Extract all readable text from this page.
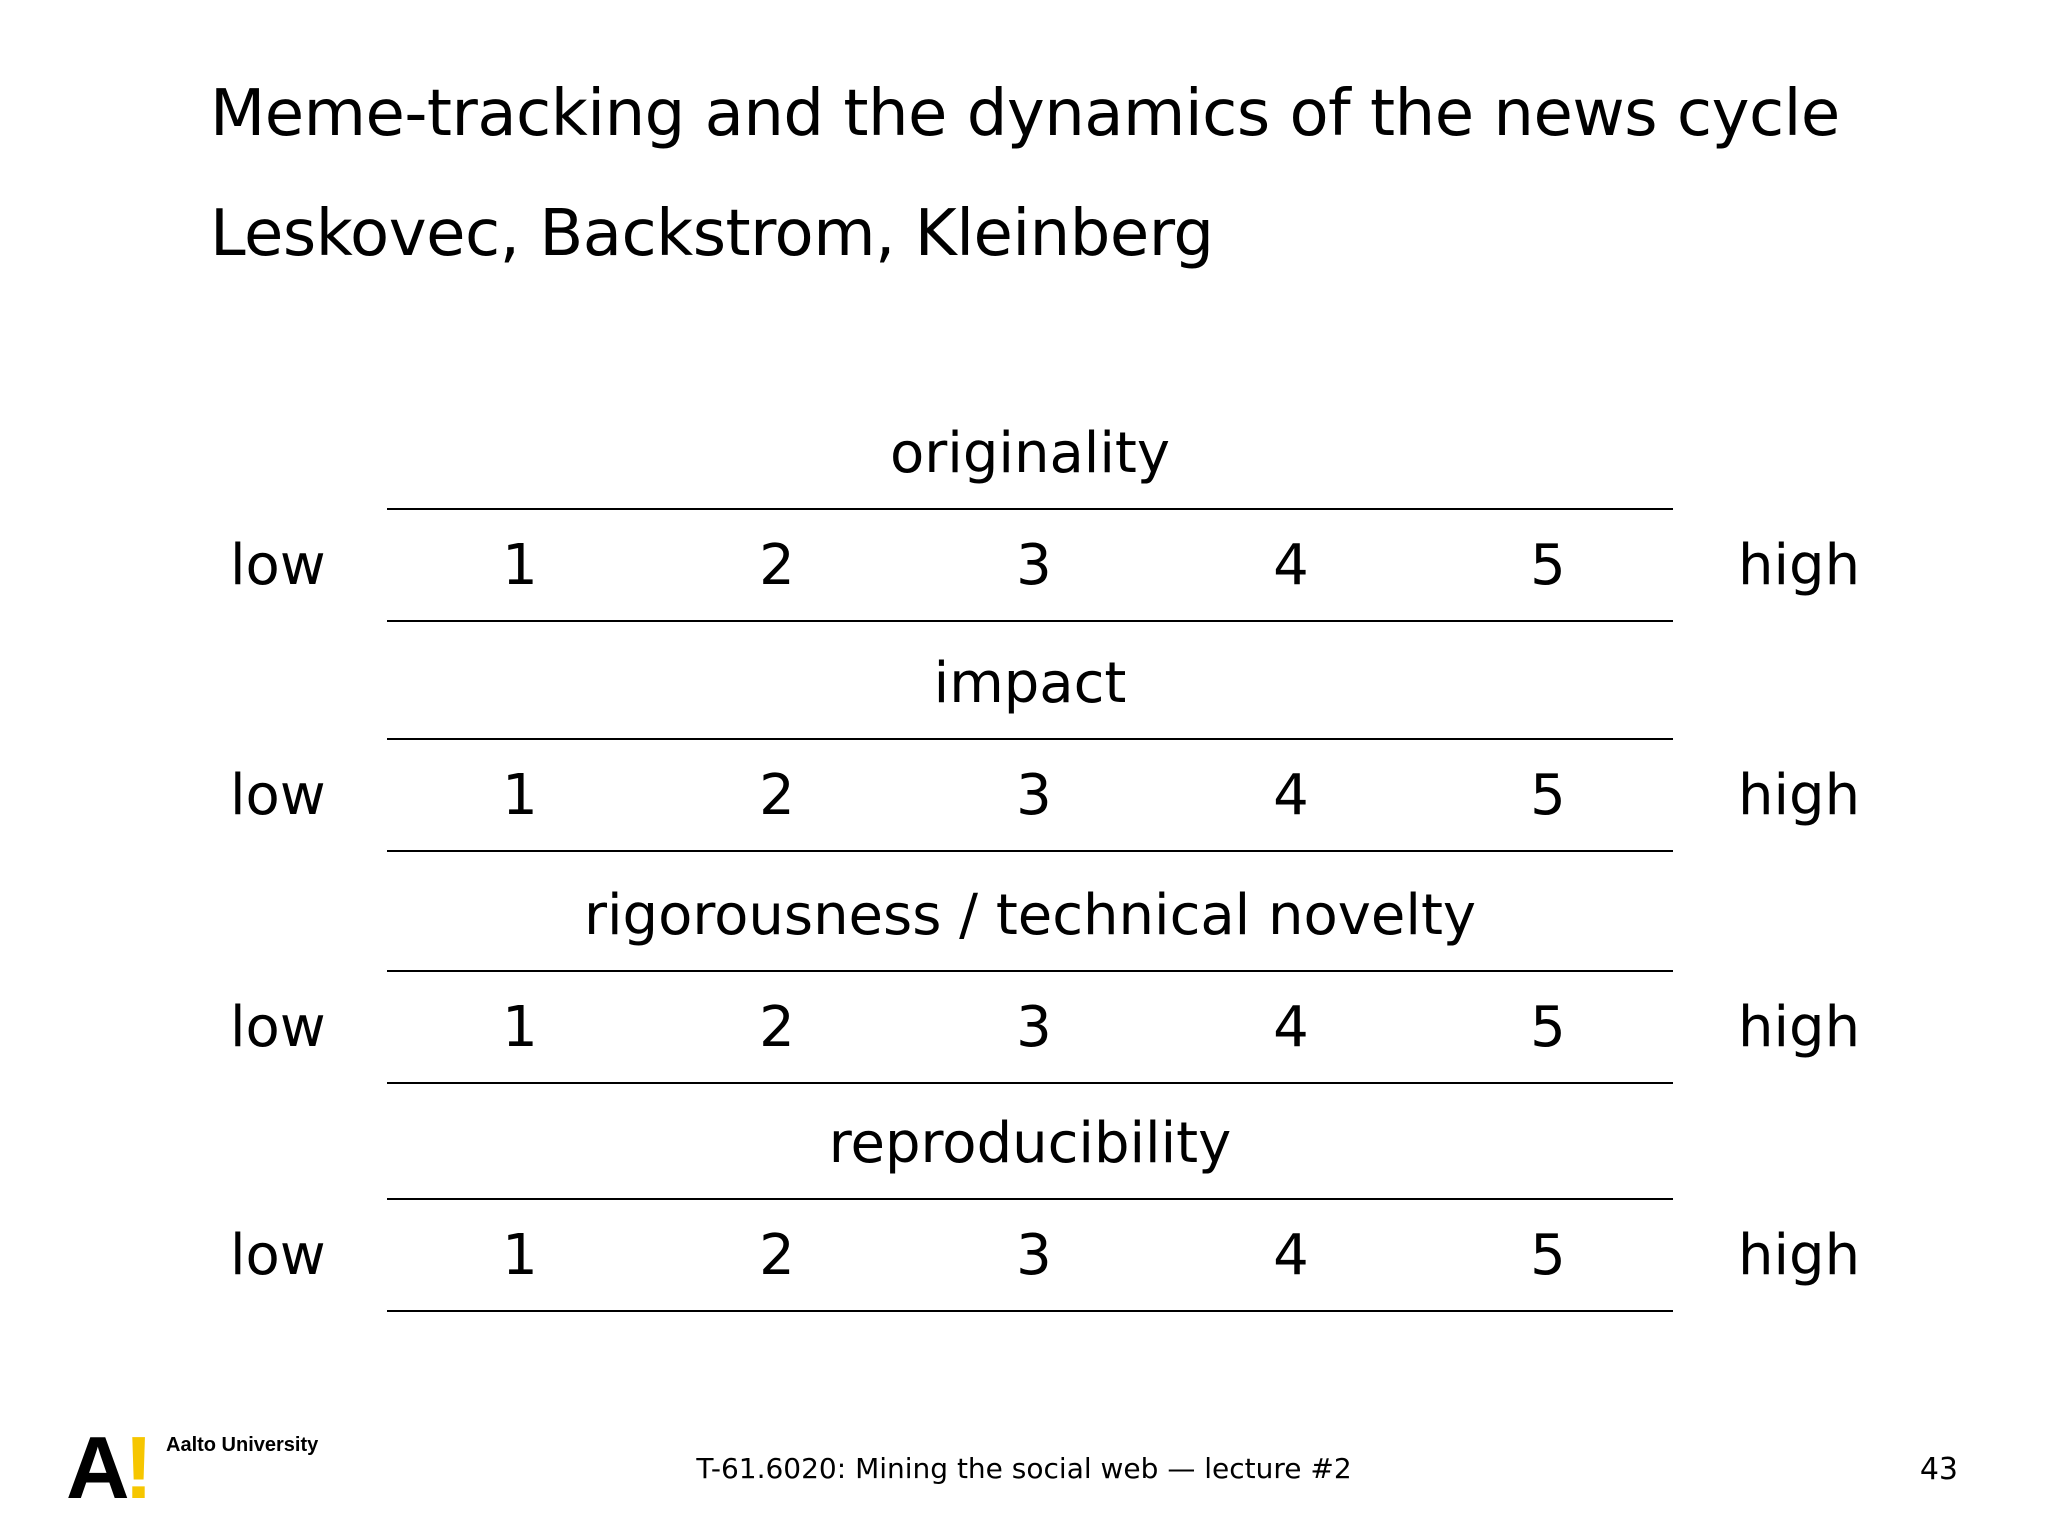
Meme-tracking and the dynamics of the news cycle
Leskovec, Backstrom, Kleinberg
originality
low	1	2	3	4	5	high
impact
low	1	2	3	4	5	high
rigorousness / technical novelty
low	1	2	3	4	5	high
reproducibility
low	1	2	3	4	5	high
A
! Aalto University
T-61.6020: Mining the social web — lecture #2	43
